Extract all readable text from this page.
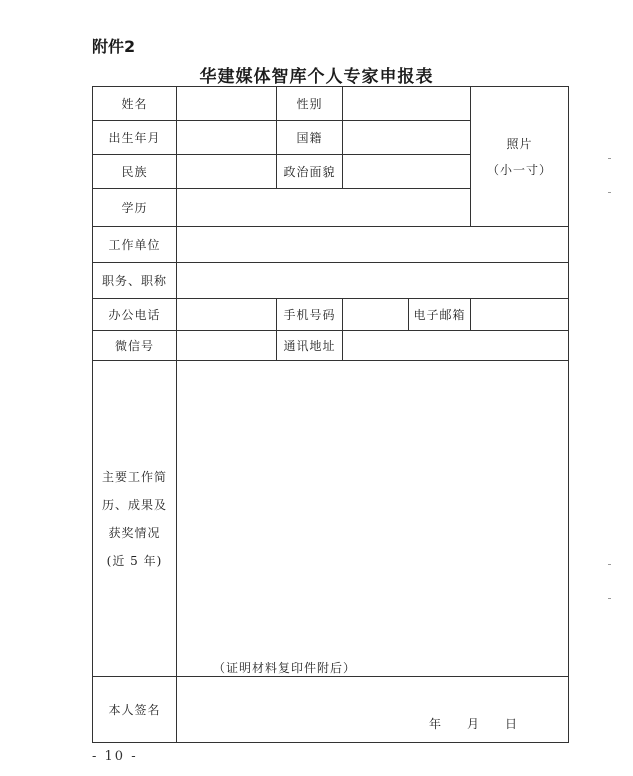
附件2
华建媒体智库个人专家申报表
姓名	性别
出生年月	国籍
民族	政治面貌
学历
照片
（小一寸）
工作单位
职务、职称
办公电话	手机号码	电子邮箱
微信号	通讯地址
主要工作简
历、成果及
获奖情况
(近 5 年)
（证明材料复印件附后）
本人签名
年 月 日
- 10 -
